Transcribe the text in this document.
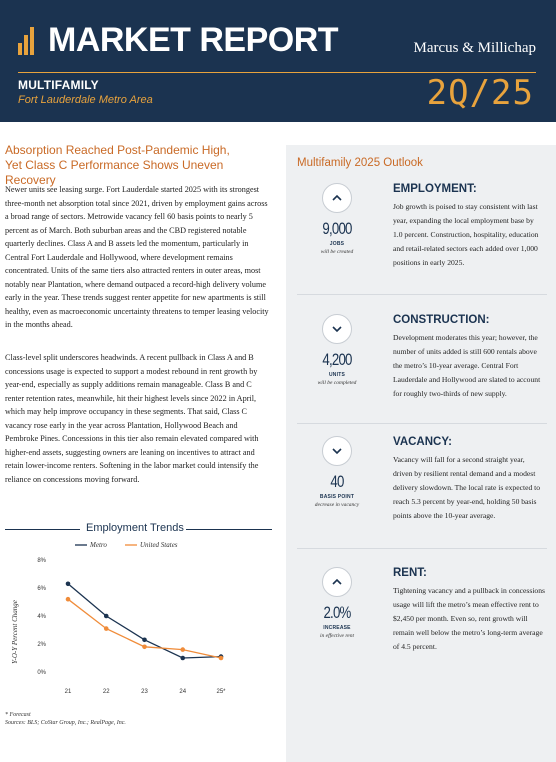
MARKET REPORT	Marcus & Millichap
MULTIFAMILY
Fort Lauderdale Metro Area	2Q/25
Absorption Reached Post-Pandemic High,
Yet Class C Performance Shows Uneven Recovery

Newer units see leasing surge. Fort Lauderdale started 2025 with its strongest three-month net absorption total since 2021, driven by employment gains across a broad range of sectors. Metrowide vacancy fell 60 basis points to nearly 5 percent as of March. Both suburban areas and the CBD registered notable quarterly declines. Class A and B assets led the momentum, particularly in Central Fort Lauderdale and Hollywood, where development remains concentrated. Units of the same tiers also attracted renters in outer areas, most notably near Plantation, where demand outpaced a record-high delivery volume early in the year. These trends suggest renter appetite for new apartments is still healthy, even as macroeconomic uncertainty threatens to temper leasing velocity in the months ahead.

Class-level split underscores headwinds. A recent pullback in Class A and B concessions usage is expected to support a modest rebound in rent growth by year-end, especially as supply additions remain manageable. Class B and C renter retention rates, meanwhile, hit their highest levels since 2022 in April, which may help improve occupancy in these segments. That said, Class C vacancy rose early in the year across Plantation, Hollywood Beach and Pembroke Pines. Concessions in this tier also remain elevated compared with higher-end assets, suggesting owners are leaning on incentives to attract and retain lower-income renters. Softening in the labor market could intensify the reliance on concessions moving forward.

Employment Trends
Metro	United States
0%
2%
4%
6%
8%
21	22	23	24	25*
Y-O-Y Percent Change
* Forecast
Sources: BLS; CoStar Group, Inc.; RealPage, Inc.
Multifamily 2025 Outlook
9,000
JOBS
will be created
EMPLOYMENT:
Job growth is poised to stay consistent with last year, expanding the local employment base by 1.0 percent. Construction, hospitality, education and retail-related sectors each added over 1,000 positions in early 2025.
4,200
UNITS
will be completed
CONSTRUCTION:
Development moderates this year; however, the number of units added is still 600 rentals above the metro’s 10-year average. Central Fort Lauderdale and Hollywood are slated to account for roughly two-thirds of new supply.
40
BASIS POINT
decrease in vacancy
VACANCY:
Vacancy will fall for a second straight year, driven by resilient rental demand and a modest delivery slowdown. The local rate is expected to reach 5.3 percent by year-end, holding 50 basis points above the 10-year average.
2.0%
INCREASE
in effective rent
RENT:
Tightening vacancy and a pullback in concessions usage will lift the metro’s mean effective rent to $2,450 per month. Even so, rent growth will remain well below the metro’s long-term average of 4.5 percent.
